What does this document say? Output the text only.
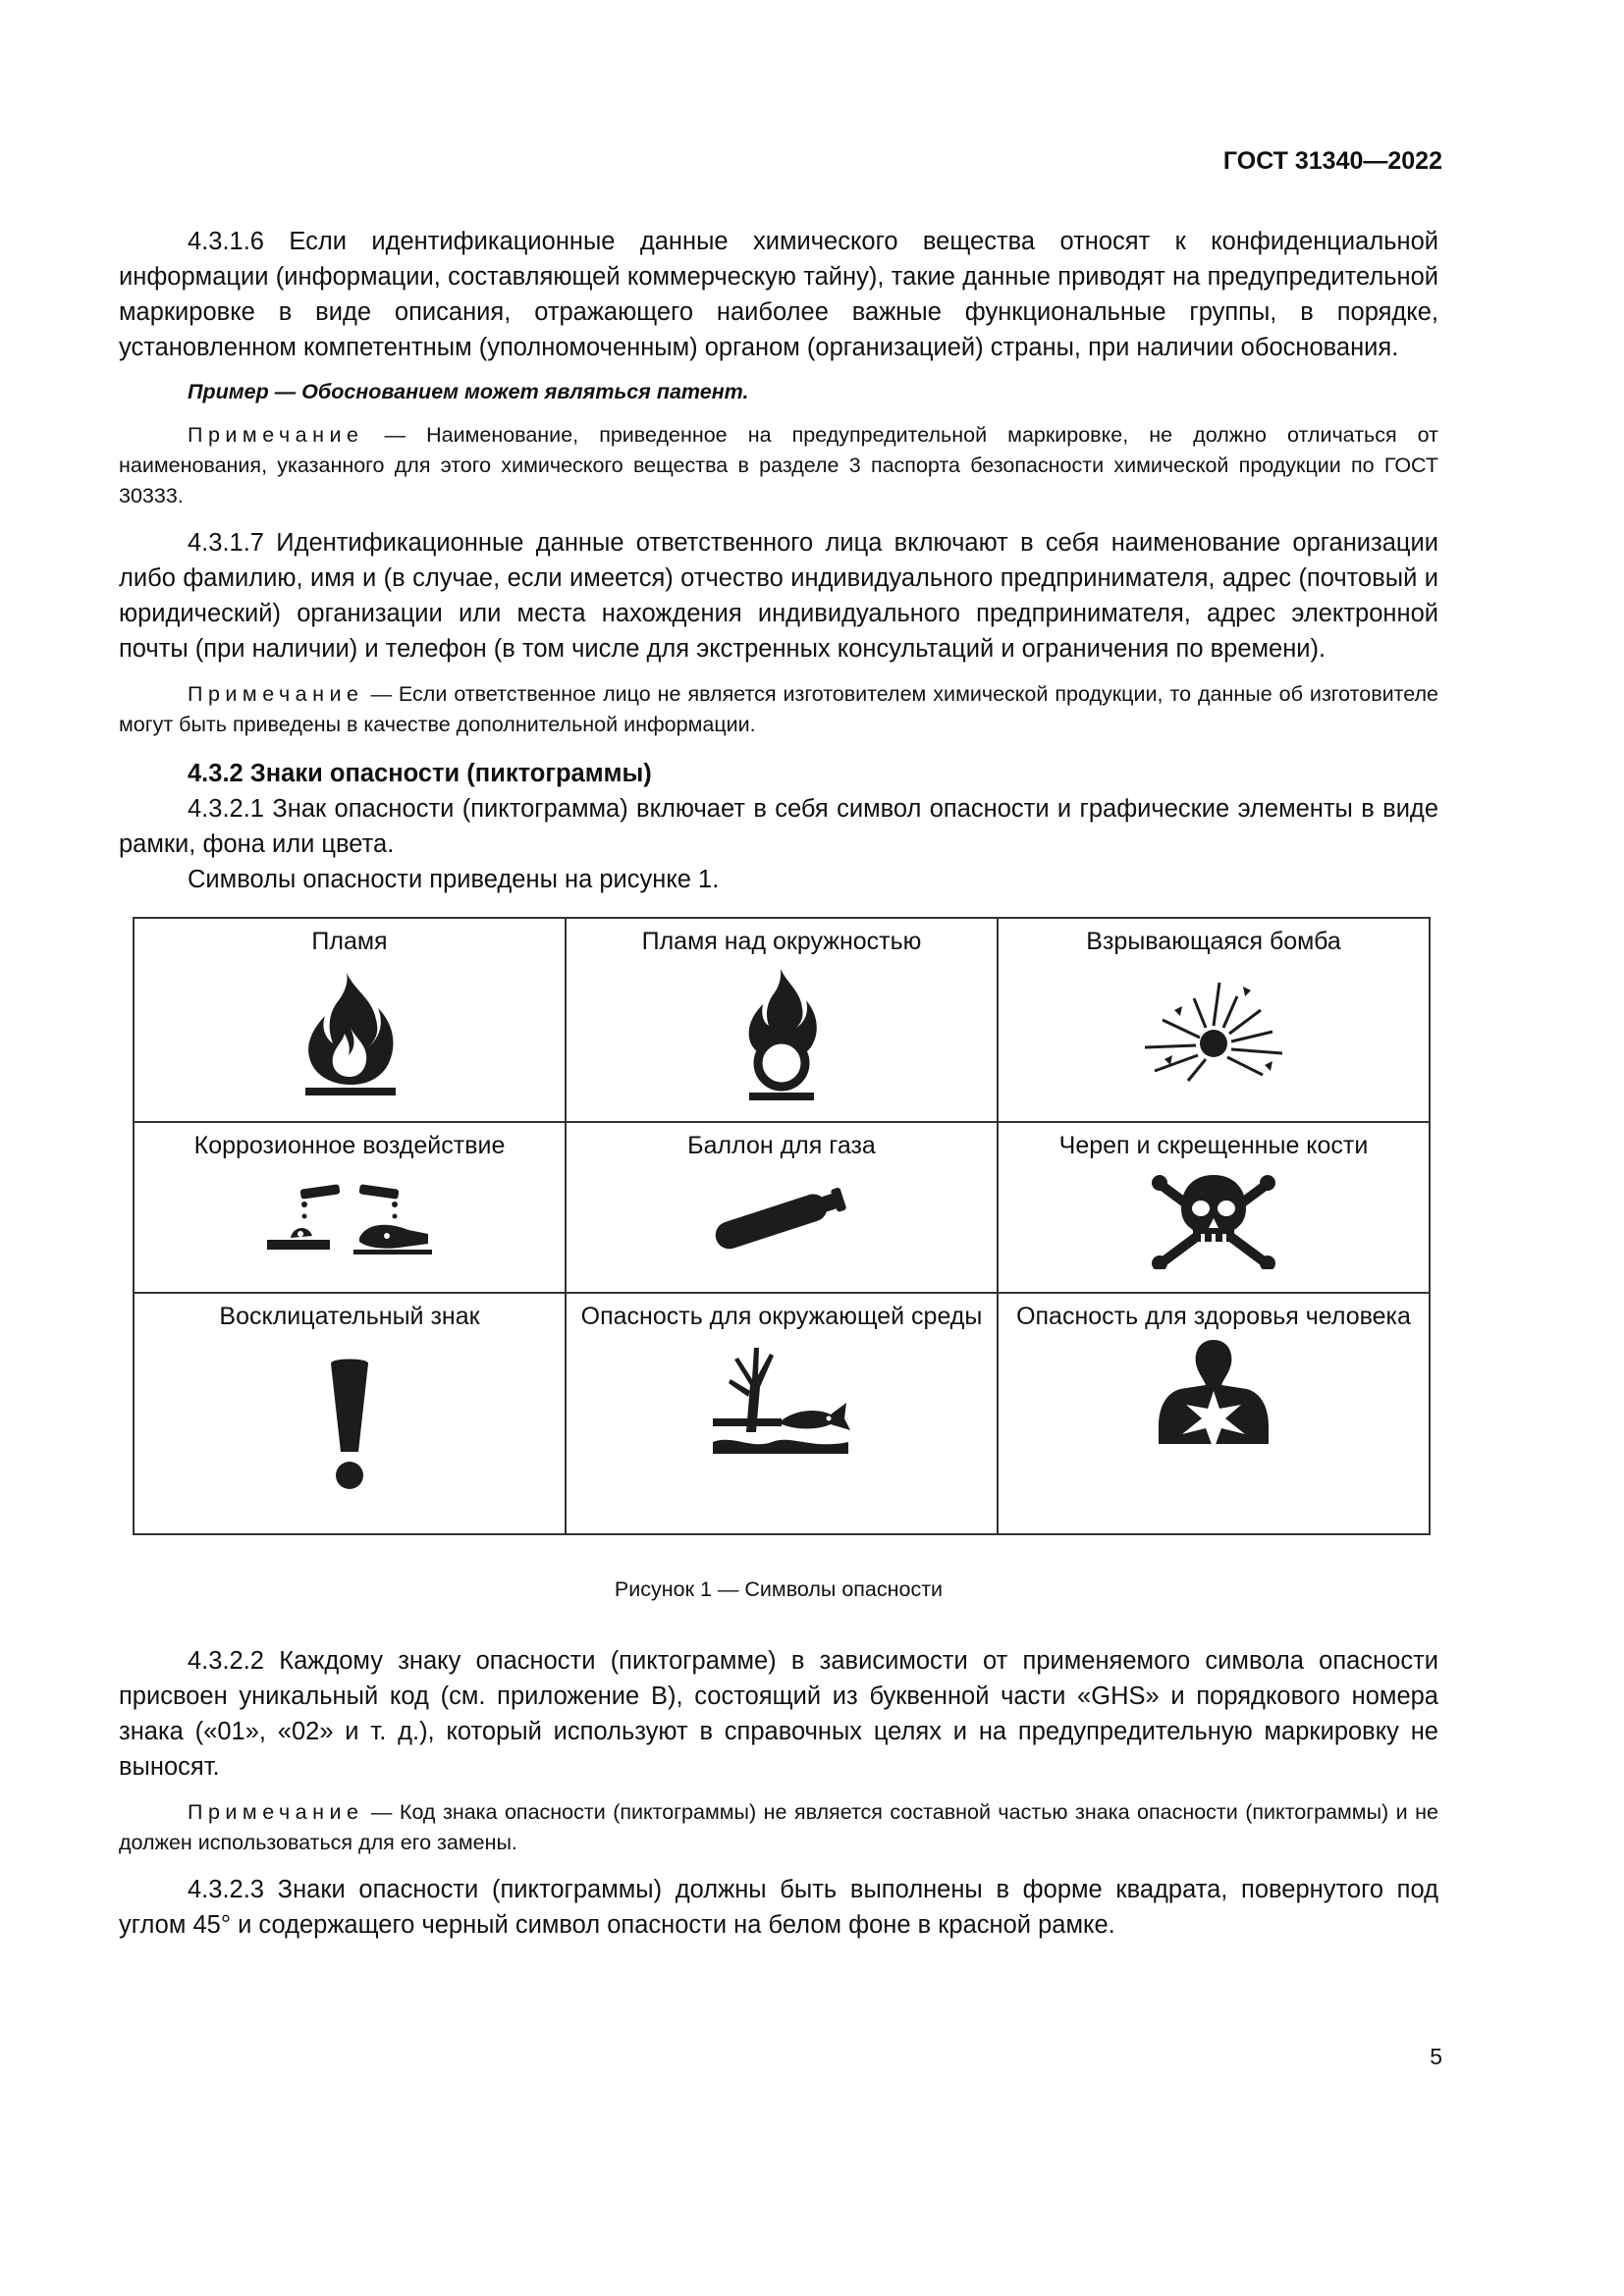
ГОСТ 31340—2022

4.3.1.6 Если идентификационные данные химического вещества относят к конфиденциальной информации (информации, составляющей коммерческую тайну), такие данные приводят на предупредительной маркировке в виде описания, отражающего наиболее важные функциональные группы, в порядке, установленном компетентным (уполномоченным) органом (организацией) страны, при наличии обоснования.

Пример — Обоснованием может являться патент.

Примечание — Наименование, приведенное на предупредительной маркировке, не должно отличаться от наименования, указанного для этого химического вещества в разделе 3 паспорта безопасности химической продукции по ГОСТ 30333.

4.3.1.7 Идентификационные данные ответственного лица включают в себя наименование организации либо фамилию, имя и (в случае, если имеется) отчество индивидуального предпринимателя, адрес (почтовый и юридический) организации или места нахождения индивидуального предпринимателя, адрес электронной почты (при наличии) и телефон (в том числе для экстренных консультаций и ограничения по времени).

Примечание — Если ответственное лицо не является изготовителем химической продукции, то данные об изготовителе могут быть приведены в качестве дополнительной информации.

4.3.2 Знаки опасности (пиктограммы)

4.3.2.1 Знак опасности (пиктограмма) включает в себя символ опасности и графические элементы в виде рамки, фона или цвета.

Символы опасности приведены на рисунке 1.

Пламя	Пламя над окружностью	Взрывающаяся бомба

Коррозионное воздействие	Баллон для газа	Череп и скрещенные кости

Восклицательный знак	Опасность для окружающей среды	Опасность для здоровья человека

Рисунок 1 — Символы опасности

4.3.2.2 Каждому знаку опасности (пиктограмме) в зависимости от применяемого символа опасности присвоен уникальный код (см. приложение В), состоящий из буквенной части «GHS» и порядкового номера знака («01», «02» и т. д.), который используют в справочных целях и на предупредительную маркировку не выносят.

Примечание — Код знака опасности (пиктограммы) не является составной частью знака опасности (пиктограммы) и не должен использоваться для его замены.

4.3.2.3 Знаки опасности (пиктограммы) должны быть выполнены в форме квадрата, повернутого под углом 45° и содержащего черный символ опасности на белом фоне в красной рамке.

5
